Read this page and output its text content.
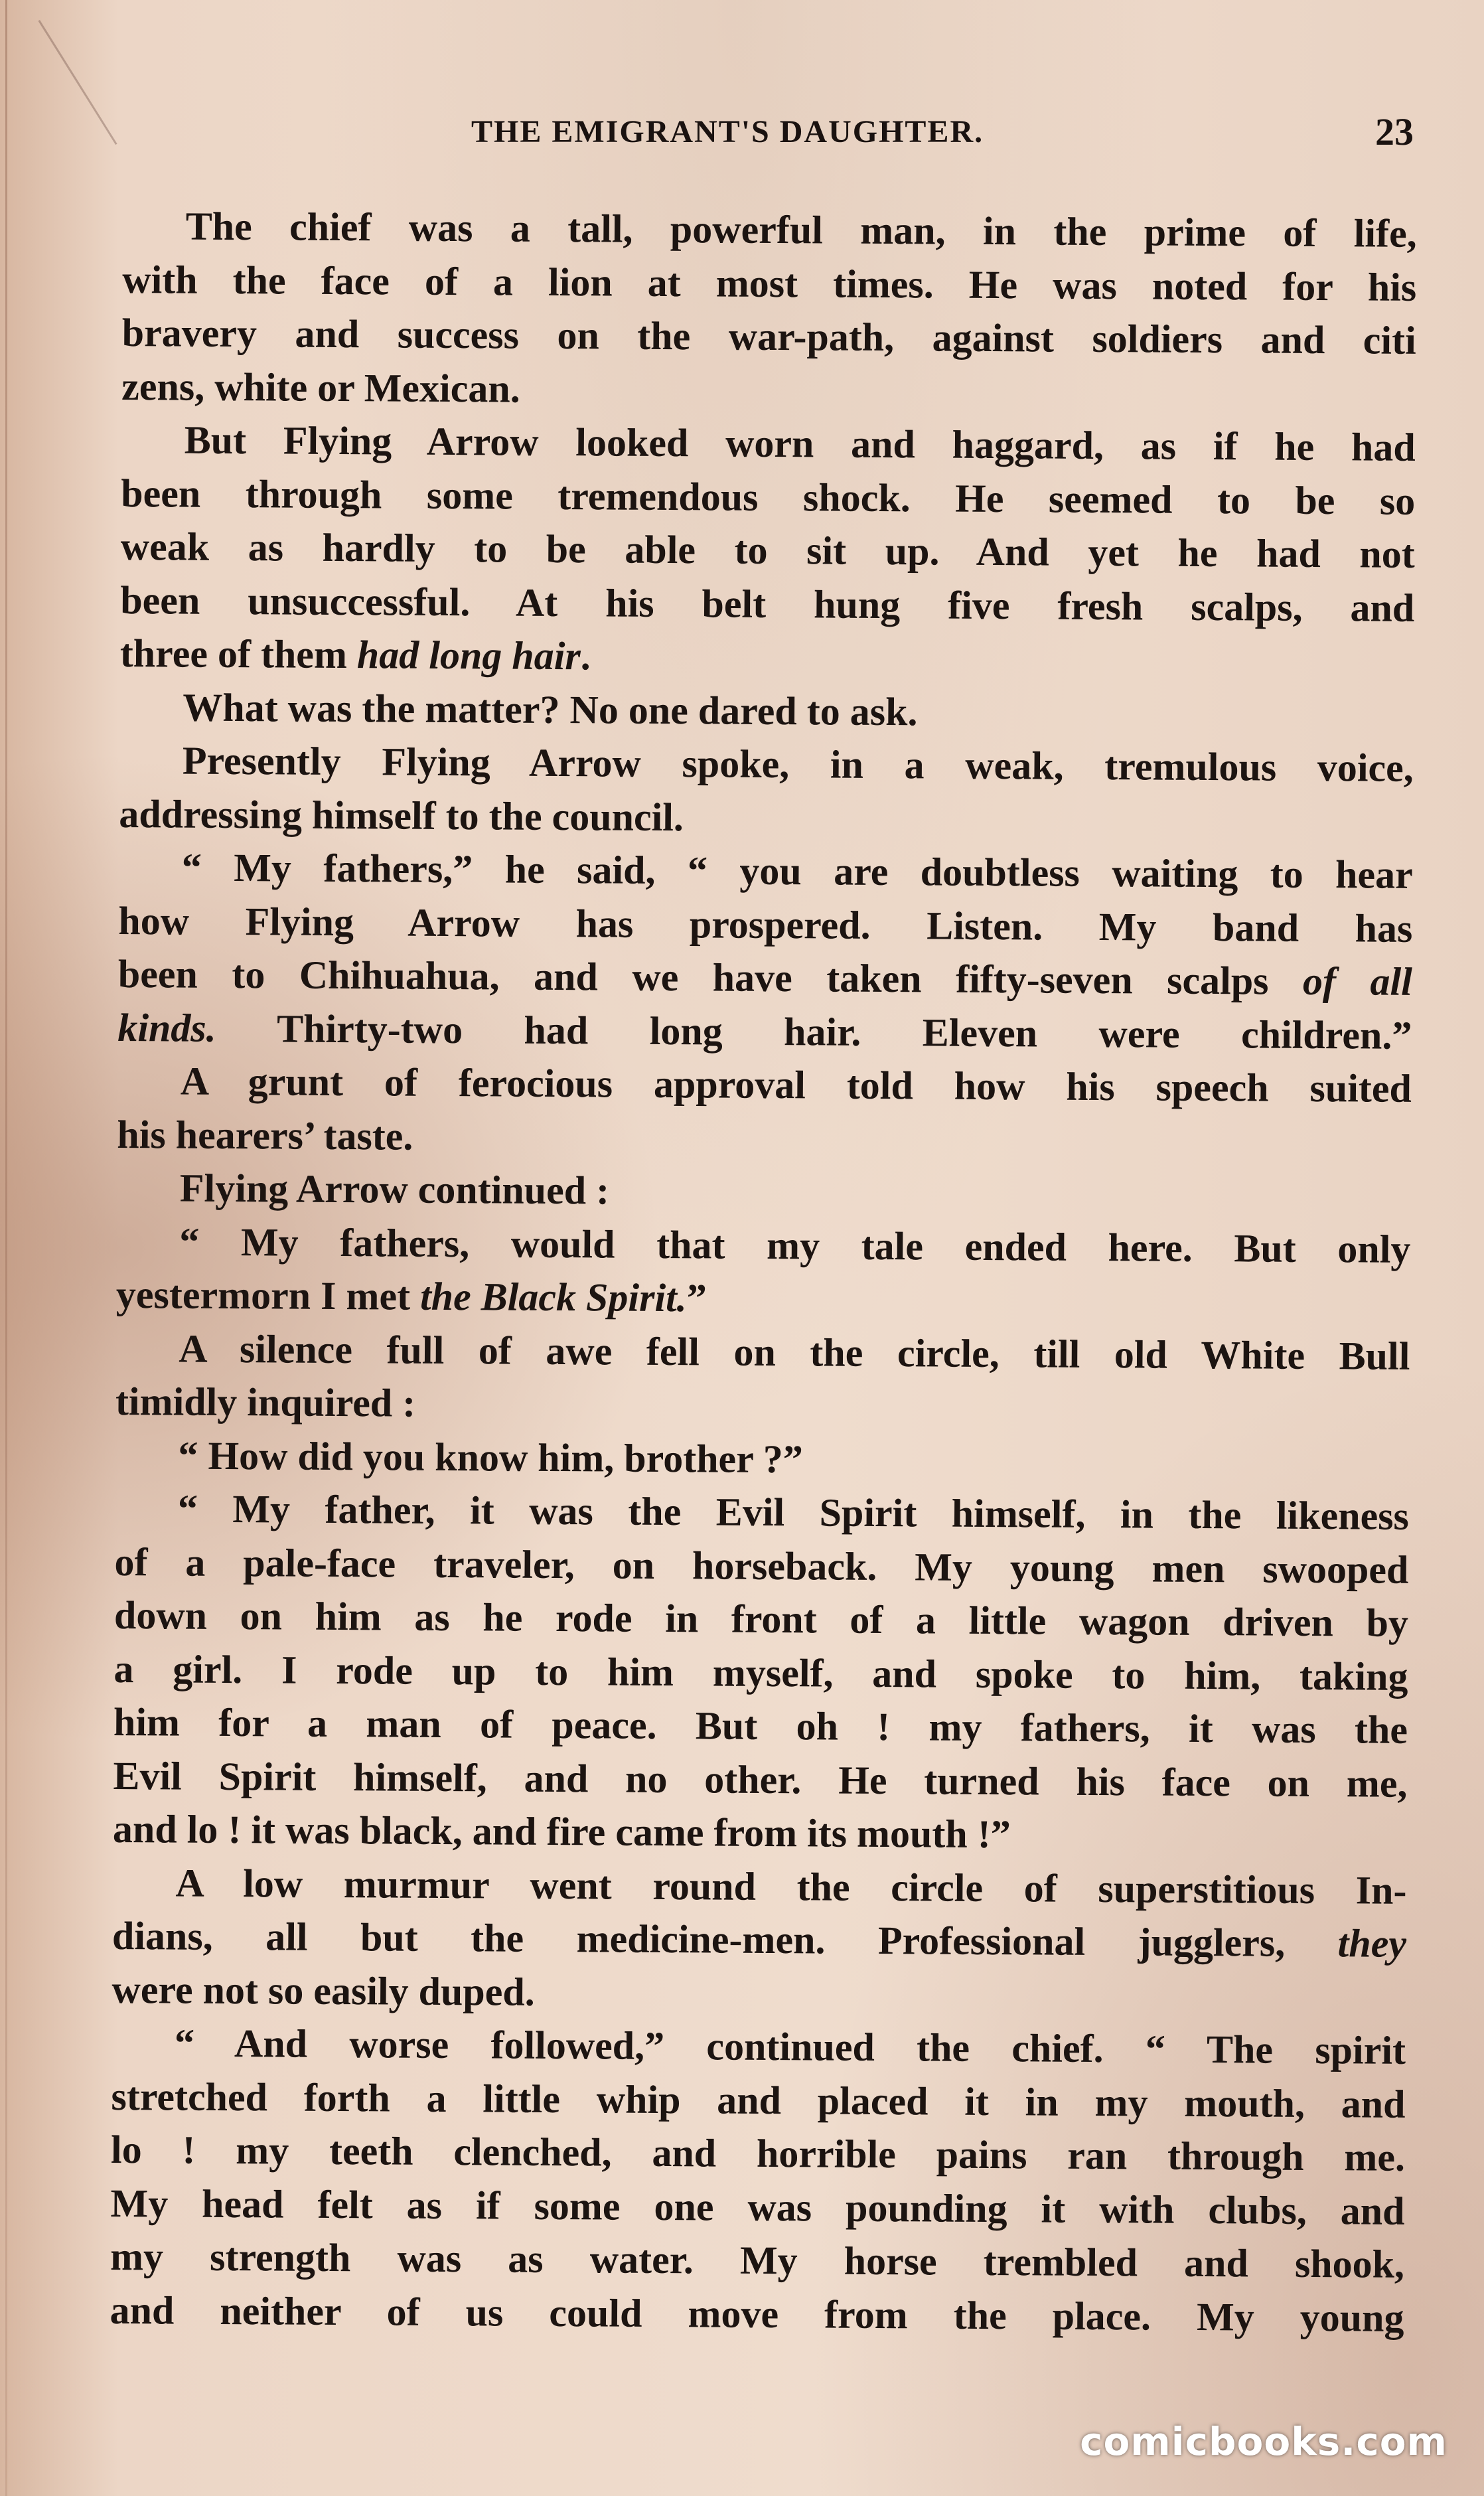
THE EMIGRANT'S DAUGHTER.	23
The chief was a tall, powerful man, in the prime of life,
with the face of a lion at most times. He was noted for his
bravery and success on the war-path, against soldiers and citi
zens, white or Mexican.
But Flying Arrow looked worn and haggard, as if he had
been through some tremendous shock. He seemed to be so
weak as hardly to be able to sit up. And yet he had not
been unsuccessful. At his belt hung five fresh scalps, and
three of them had long hair.
What was the matter? No one dared to ask.
Presently Flying Arrow spoke, in a weak, tremulous voice,
addressing himself to the council.
“ My fathers,” he said, “ you are doubtless waiting to hear
how Flying Arrow has prospered. Listen. My band has
been to Chihuahua, and we have taken fifty-seven scalps of all
kinds. Thirty-two had long hair. Eleven were children.”
A grunt of ferocious approval told how his speech suited
his hearers’ taste.
Flying Arrow continued :
“ My fathers, would that my tale ended here. But only
yestermorn I met the Black Spirit.”
A silence full of awe fell on the circle, till old White Bull
timidly inquired :
“ How did you know him, brother ?”
“ My father, it was the Evil Spirit himself, in the likeness
of a pale-face traveler, on horseback. My young men swooped
down on him as he rode in front of a little wagon driven by
a girl. I rode up to him myself, and spoke to him, taking
him for a man of peace. But oh ! my fathers, it was the
Evil Spirit himself, and no other. He turned his face on me,
and lo ! it was black, and fire came from its mouth !”
A low murmur went round the circle of superstitious In-
dians, all but the medicine-men. Professional jugglers, they
were not so easily duped.
“ And worse followed,” continued the chief. “ The spirit
stretched forth a little whip and placed it in my mouth, and
lo ! my teeth clenched, and horrible pains ran through me.
My head felt as if some one was pounding it with clubs, and
my strength was as water. My horse trembled and shook,
and neither of us could move from the place. My young
comicbooks.com
